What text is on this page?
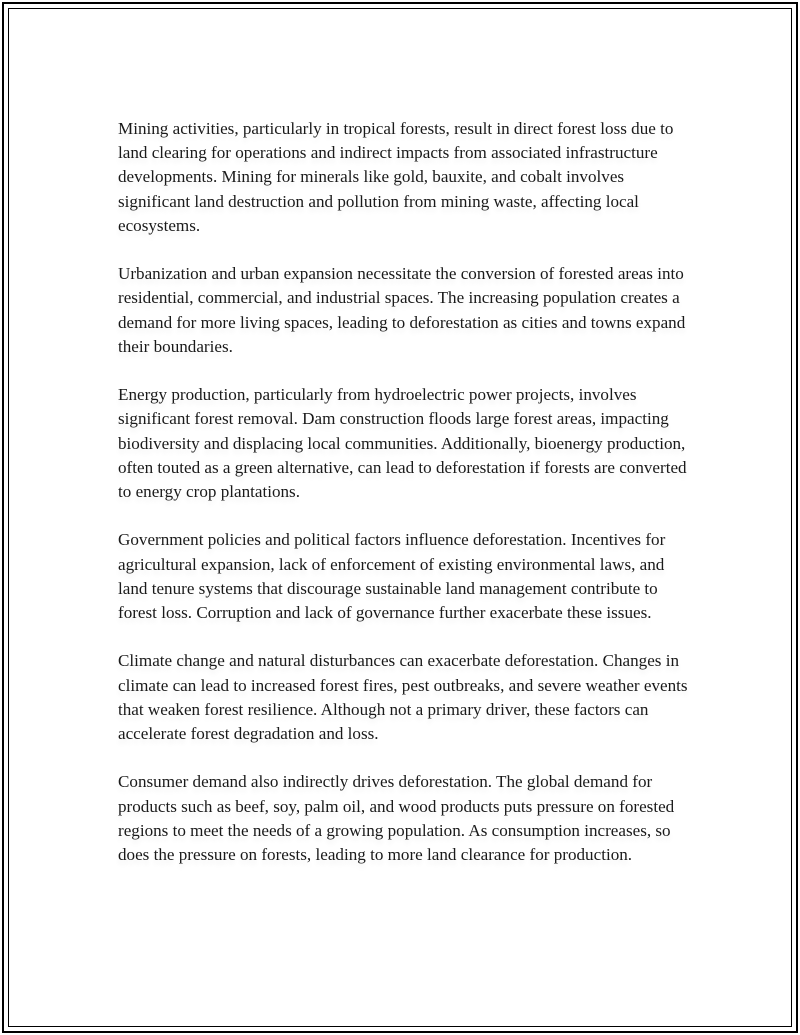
Mining activities, particularly in tropical forests, result in direct forest loss due to land clearing for operations and indirect impacts from associated infrastructure developments. Mining for minerals like gold, bauxite, and cobalt involves significant land destruction and pollution from mining waste, affecting local ecosystems.

Urbanization and urban expansion necessitate the conversion of forested areas into residential, commercial, and industrial spaces. The increasing population creates a demand for more living spaces, leading to deforestation as cities and towns expand their boundaries.

Energy production, particularly from hydroelectric power projects, involves significant forest removal. Dam construction floods large forest areas, impacting biodiversity and displacing local communities. Additionally, bioenergy production, often touted as a green alternative, can lead to deforestation if forests are converted to energy crop plantations.

Government policies and political factors influence deforestation. Incentives for agricultural expansion, lack of enforcement of existing environmental laws, and land tenure systems that discourage sustainable land management contribute to forest loss. Corruption and lack of governance further exacerbate these issues.

Climate change and natural disturbances can exacerbate deforestation. Changes in climate can lead to increased forest fires, pest outbreaks, and severe weather events that weaken forest resilience. Although not a primary driver, these factors can accelerate forest degradation and loss.

Consumer demand also indirectly drives deforestation. The global demand for products such as beef, soy, palm oil, and wood products puts pressure on forested regions to meet the needs of a growing population. As consumption increases, so does the pressure on forests, leading to more land clearance for production.
